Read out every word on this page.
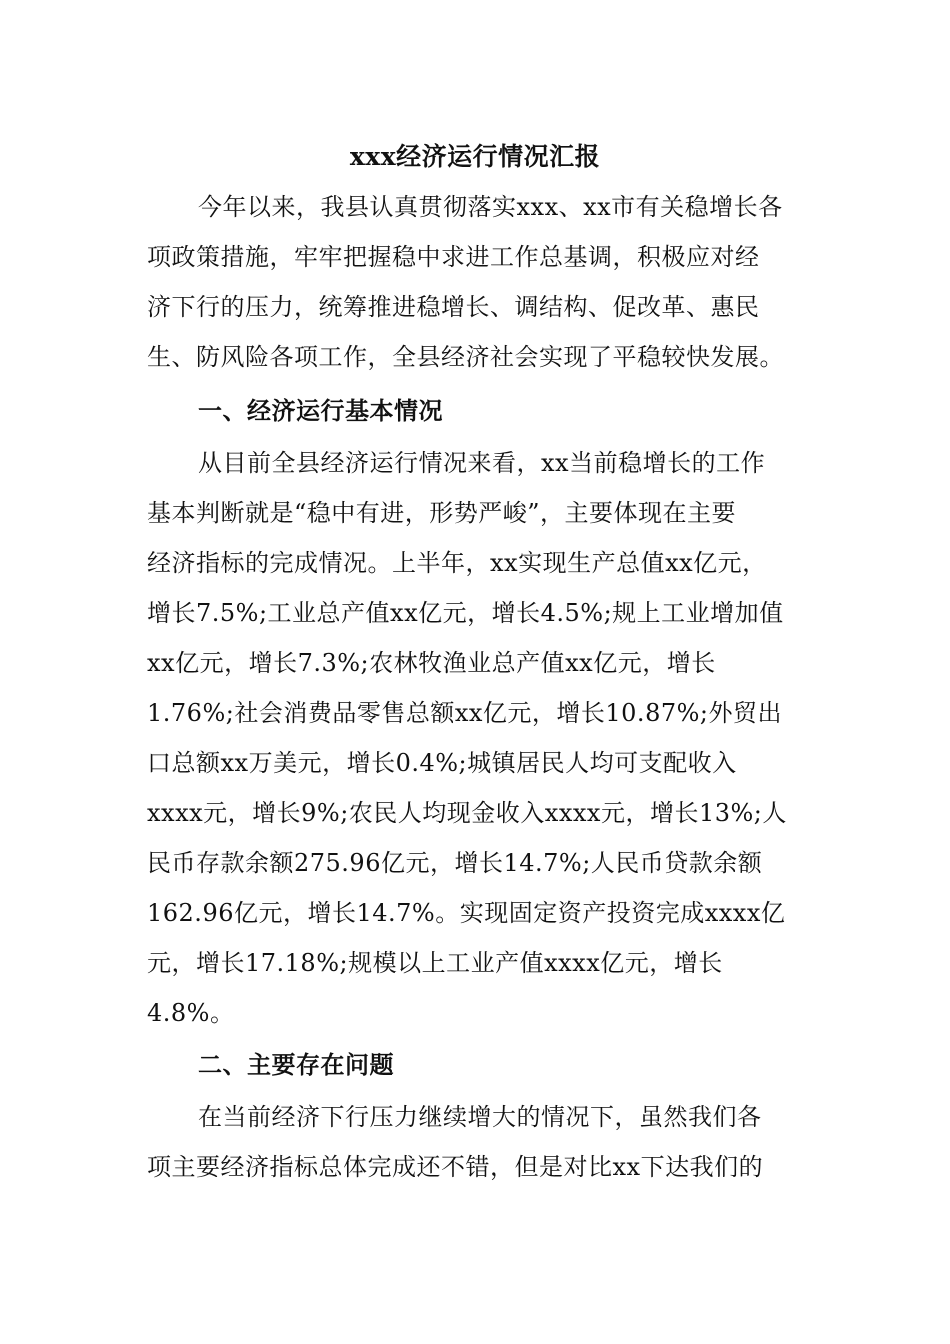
xxx经济运行情况汇报
今年以来，我县认真贯彻落实xxx、xx市有关稳增长各
项政策措施，牢牢把握稳中求进工作总基调，积极应对经
济下行的压力，统筹推进稳增长、调结构、促改革、惠民
生、防风险各项工作，全县经济社会实现了平稳较快发展。
一、经济运行基本情况
从目前全县经济运行情况来看，xx当前稳增长的工作
基本判断就是“稳中有进，形势严峻”，主要体现在主要
经济指标的完成情况。上半年，xx实现生产总值xx亿元，
增长7.5%;工业总产值xx亿元，增长4.5%;规上工业增加值
xx亿元，增长7.3%;农林牧渔业总产值xx亿元，增长
1.76%;社会消费品零售总额xx亿元，增长10.87%;外贸出
口总额xx万美元，增长0.4%;城镇居民人均可支配收入
xxxx元，增长9%;农民人均现金收入xxxx元，增长13%;人
民币存款余额275.96亿元，增长14.7%;人民币贷款余额
162.96亿元，增长14.7%。实现固定资产投资完成xxxx亿
元，增长17.18%;规模以上工业产值xxxx亿元，增长
4.8%。
二、主要存在问题
在当前经济下行压力继续增大的情况下，虽然我们各
项主要经济指标总体完成还不错，但是对比xx下达我们的
